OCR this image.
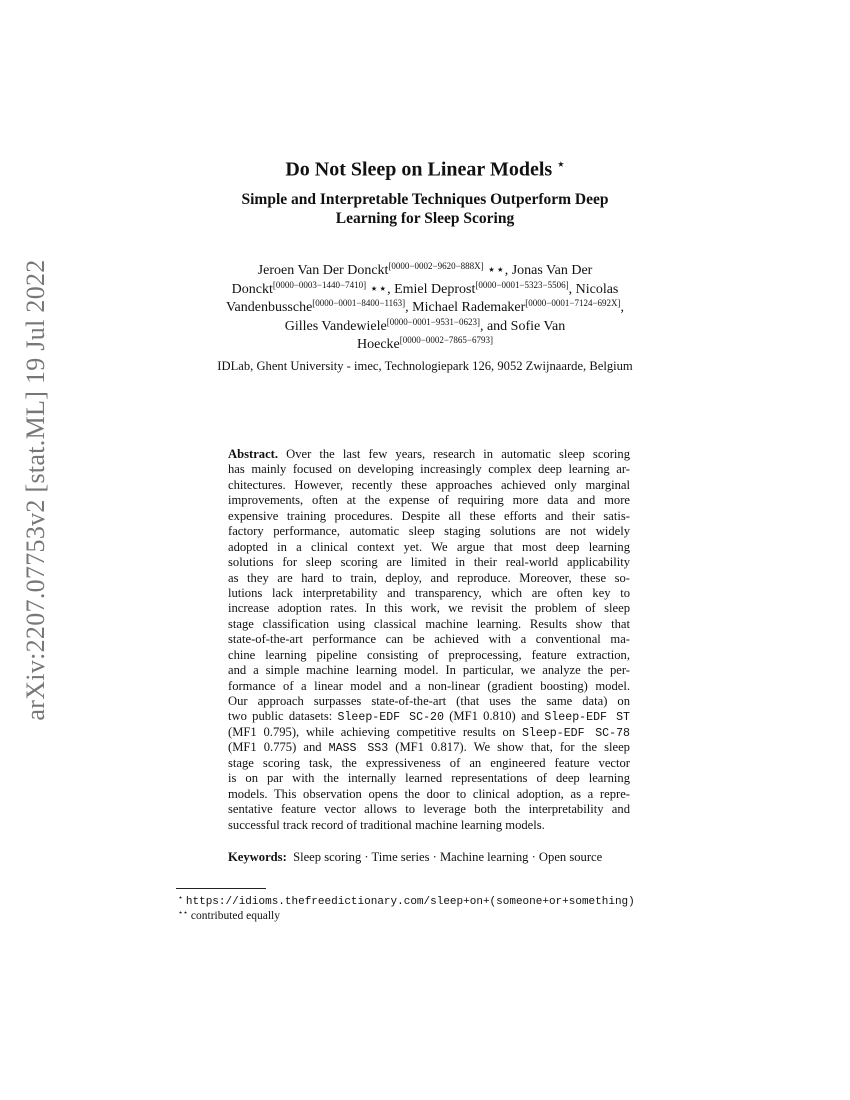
arXiv:2207.07753v2 [stat.ML] 19 Jul 2022
Do Not Sleep on Linear Models ⋆
Simple and Interpretable Techniques Outperform Deep
Learning for Sleep Scoring
Jeroen Van Der Donckt[0000−0002−9620−888X] ⋆⋆, Jonas Van Der
Donckt[0000−0003−1440−7410] ⋆⋆, Emiel Deprost[0000−0001−5323−5506], Nicolas
Vandenbussche[0000−0001−8400−1163], Michael Rademaker[0000−0001−7124−692X],
Gilles Vandewiele[0000−0001−9531−0623], and Sofie Van
Hoecke[0000−0002−7865−6793]
IDLab, Ghent University - imec, Technologiepark 126, 9052 Zwijnaarde, Belgium
Abstract. Over the last few years, research in automatic sleep scoring
has mainly focused on developing increasingly complex deep learning ar-
chitectures. However, recently these approaches achieved only marginal
improvements, often at the expense of requiring more data and more
expensive training procedures. Despite all these efforts and their satis-
factory performance, automatic sleep staging solutions are not widely
adopted in a clinical context yet. We argue that most deep learning
solutions for sleep scoring are limited in their real-world applicability
as they are hard to train, deploy, and reproduce. Moreover, these so-
lutions lack interpretability and transparency, which are often key to
increase adoption rates. In this work, we revisit the problem of sleep
stage classification using classical machine learning. Results show that
state-of-the-art performance can be achieved with a conventional ma-
chine learning pipeline consisting of preprocessing, feature extraction,
and a simple machine learning model. In particular, we analyze the per-
formance of a linear model and a non-linear (gradient boosting) model.
Our approach surpasses state-of-the-art (that uses the same data) on
two public datasets: Sleep-EDF SC-20 (MF1 0.810) and Sleep-EDF ST
(MF1 0.795), while achieving competitive results on Sleep-EDF SC-78
(MF1 0.775) and MASS SS3 (MF1 0.817). We show that, for the sleep
stage scoring task, the expressiveness of an engineered feature vector
is on par with the internally learned representations of deep learning
models. This observation opens the door to clinical adoption, as a repre-
sentative feature vector allows to leverage both the interpretability and
successful track record of traditional machine learning models.
Keywords: Sleep scoring · Time series · Machine learning · Open source
⋆ https://idioms.thefreedictionary.com/sleep+on+(someone+or+something)
⋆⋆ contributed equally
